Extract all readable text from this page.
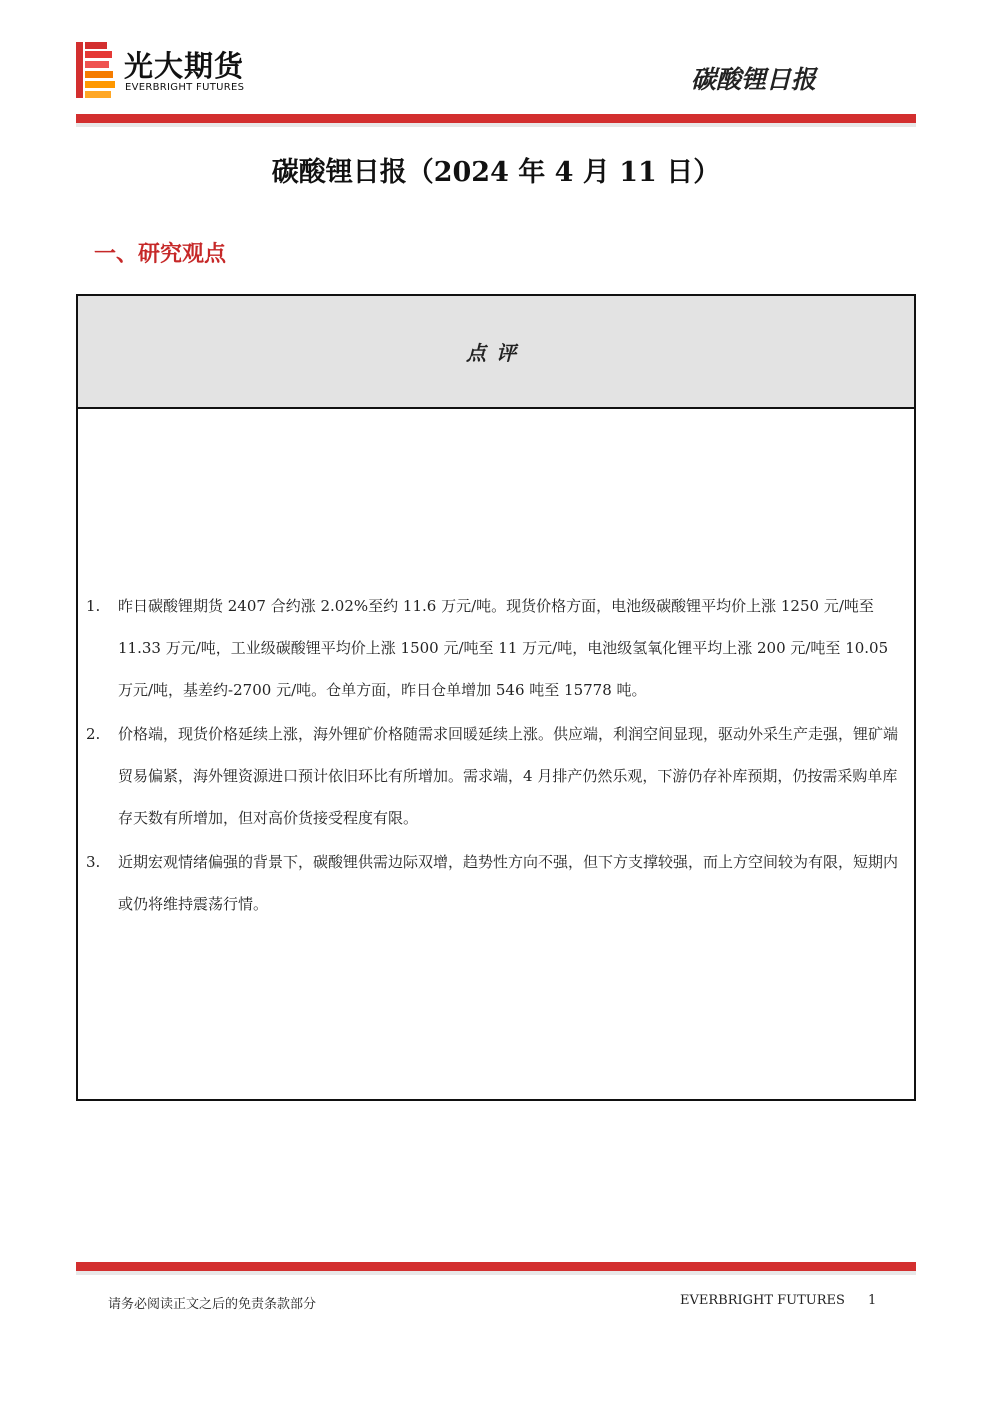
光大期货
EVERBRIGHT FUTURES	碳酸锂日报
碳酸锂日报（2024 年 4 月 11 日）
一、研究观点
点评
1. 昨日碳酸锂期货 2407 合约涨 2.02%至约 11.6 万元/吨。现货价格方面，电池级碳酸锂平均价上涨 1250 元/吨至 11.33 万元/吨，工业级碳酸锂平均价上涨 1500 元/吨至 11 万元/吨，电池级氢氧化锂平均上涨 200 元/吨至 10.05 万元/吨，基差约-2700 元/吨。仓单方面，昨日仓单增加 546 吨至 15778 吨。
2. 价格端，现货价格延续上涨，海外锂矿价格随需求回暖延续上涨。供应端，利润空间显现，驱动外采生产走强，锂矿端贸易偏紧，海外锂资源进口预计依旧环比有所增加。需求端，4 月排产仍然乐观，下游仍存补库预期，仍按需采购单库存天数有所增加，但对高价货接受程度有限。
3. 近期宏观情绪偏强的背景下，碳酸锂供需边际双增，趋势性方向不强，但下方支撑较强，而上方空间较为有限，短期内或仍将维持震荡行情。
请务必阅读正文之后的免责条款部分	EVERBRIGHT FUTURES 1
